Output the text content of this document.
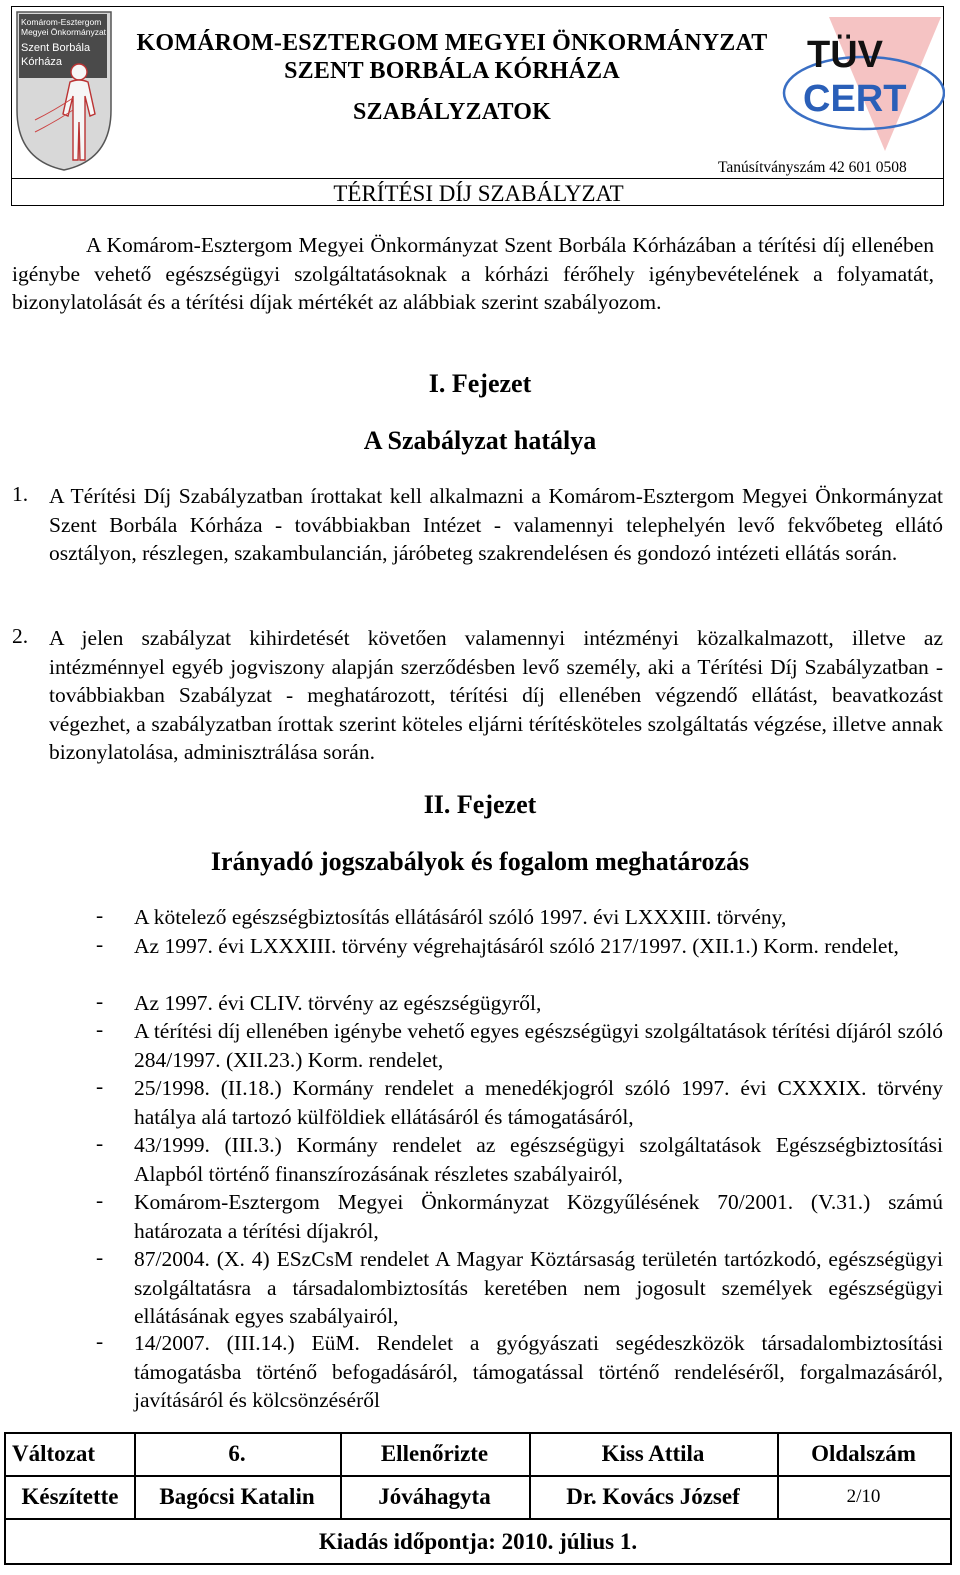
Komárom-Esztergom
Megyei Önkormányzat
Szent Borbála
Kórháza
KOMÁROM-ESZTERGOM MEGYEI ÖNKORMÁNYZAT
SZENT BORBÁLA KÓRHÁZA
SZABÁLYZATOK
TÜV
CERT
Tanúsítványszám 42 601 0508
TÉRÍTÉSI DÍJ SZABÁLYZAT
A Komárom-Esztergom Megyei Önkormányzat Szent Borbála Kórházában a térítési díj ellenében igénybe vehető egészségügyi szolgáltatásoknak a kórházi férőhely igénybevételének a folyamatát, bizonylatolását és a térítési díjak mértékét az alábbiak szerint szabályozom.
I. Fejezet
A Szabályzat hatálya
1. A Térítési Díj Szabályzatban írottakat kell alkalmazni a Komárom-Esztergom Megyei Önkormányzat Szent Borbála Kórháza - továbbiakban Intézet - valamennyi telephelyén levő fekvőbeteg ellátó osztályon, részlegen, szakambulancián, járóbeteg szakrendelésen és gondozó intézeti ellátás során.
2. A jelen szabályzat kihirdetését követően valamennyi intézményi közalkalmazott, illetve az intézménnyel egyéb jogviszony alapján szerződésben levő személy, aki a Térítési Díj Szabályzatban - továbbiakban Szabályzat - meghatározott, térítési díj ellenében végzendő ellátást, beavatkozást végezhet, a szabályzatban írottak szerint köteles eljárni térítésköteles szolgáltatás végzése, illetve annak bizonylatolása, adminisztrálása során.
II. Fejezet
Irányadó jogszabályok és fogalom meghatározás
- A kötelező egészségbiztosítás ellátásáról szóló 1997. évi LXXXIII. törvény,
- Az 1997. évi LXXXIII. törvény végrehajtásáról szóló 217/1997. (XII.1.) Korm. rendelet,
- Az 1997. évi CLIV. törvény az egészségügyről,
- A térítési díj ellenében igénybe vehető egyes egészségügyi szolgáltatások térítési díjáról szóló 284/1997. (XII.23.) Korm. rendelet,
- 25/1998. (II.18.) Kormány rendelet a menedékjogról szóló 1997. évi CXXXIX. törvény hatálya alá tartozó külföldiek ellátásáról és támogatásáról,
- 43/1999. (III.3.) Kormány rendelet az egészségügyi szolgáltatások Egészségbiztosítási Alapból történő finanszírozásának részletes szabályairól,
- Komárom-Esztergom Megyei Önkormányzat Közgyűlésének 70/2001. (V.31.) számú határozata a térítési díjakról,
- 87/2004. (X. 4) ESzCsM rendelet A Magyar Köztársaság területén tartózkodó, egészségügyi szolgáltatásra a társadalombiztosítás keretében nem jogosult személyek egészségügyi ellátásának egyes szabályairól,
- 14/2007. (III.14.) EüM. Rendelet a gyógyászati segédeszközök társadalombiztosítási támogatásba történő befogadásáról, támogatással történő rendeléséről, forgalmazásáról, javításáról és kölcsönzéséről
Változat	6.	Ellenőrizte	Kiss Attila	Oldalszám
Készítette	Bagócsi Katalin	Jóváhagyta	Dr. Kovács József	2/10
Kiadás időpontja: 2010. július 1.
